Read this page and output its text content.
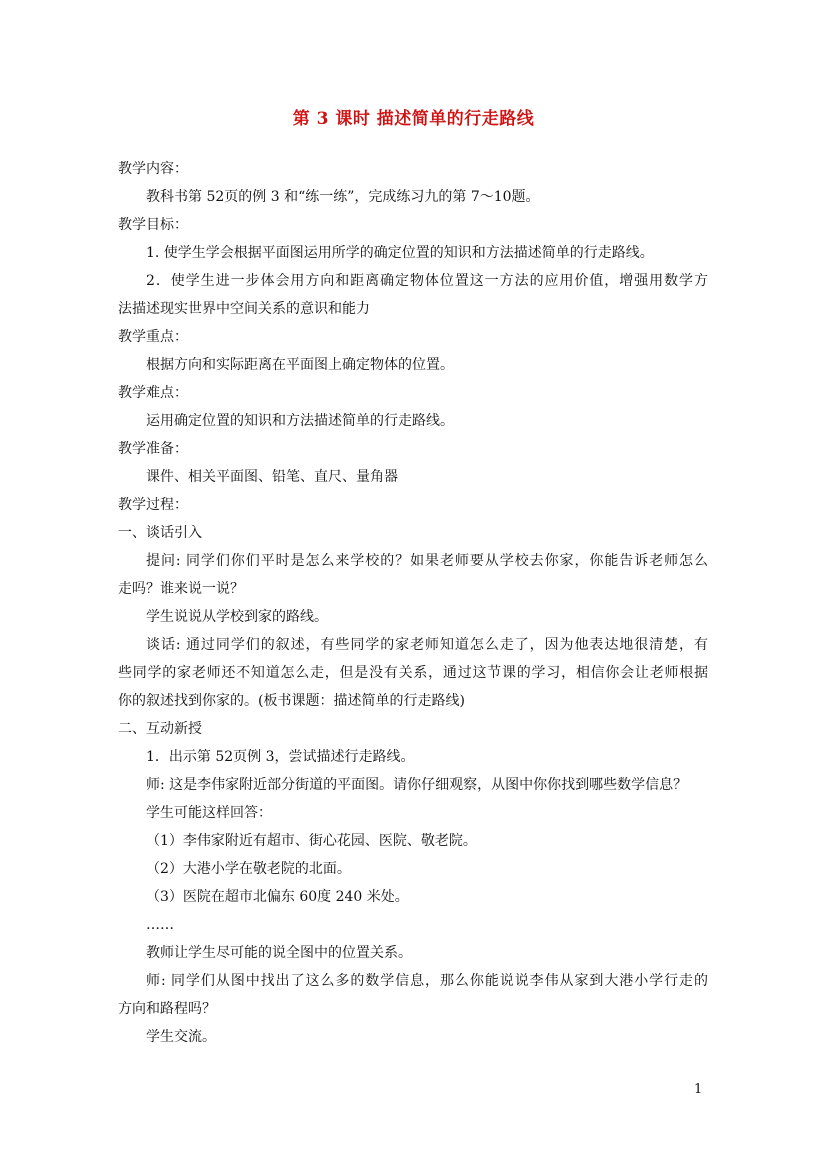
第 3 课时 描述简单的行走路线
教学内容：
教科书第 52页的例 3 和“练一练”，完成练习九的第 7～10题。
教学目标：
1. 使学生学会根据平面图运用所学的确定位置的知识和方法描述简单的行走路线。
2．使学生进一步体会用方向和距离确定物体位置这一方法的应用价值，增强用数学方
法描述现实世界中空间关系的意识和能力
教学重点：
根据方向和实际距离在平面图上确定物体的位置。
教学难点：
运用确定位置的知识和方法描述简单的行走路线。
教学准备：
课件、相关平面图、铅笔、直尺、量角器
教学过程：
一、谈话引入
提问: 同学们你们平时是怎么来学校的？如果老师要从学校去你家，你能告诉老师怎么
走吗？谁来说一说？
学生说说从学校到家的路线。
谈话: 通过同学们的叙述，有些同学的家老师知道怎么走了，因为他表达地很清楚，有
些同学的家老师还不知道怎么走，但是没有关系，通过这节课的学习，相信你会让老师根据
你的叙述找到你家的。(板书课题：描述简单的行走路线)
二、互动新授
1．出示第 52页例 3，尝试描述行走路线。
师: 这是李伟家附近部分街道的平面图。请你仔细观察，从图中你你找到哪些数学信息？
学生可能这样回答：
（1）李伟家附近有超市、街心花园、医院、敬老院。
（2）大港小学在敬老院的北面。
（3）医院在超市北偏东 60度 240 米处。
……
教师让学生尽可能的说全图中的位置关系。
师: 同学们从图中找出了这么多的数学信息，那么你能说说李伟从家到大港小学行走的
方向和路程吗？
学生交流。
1
